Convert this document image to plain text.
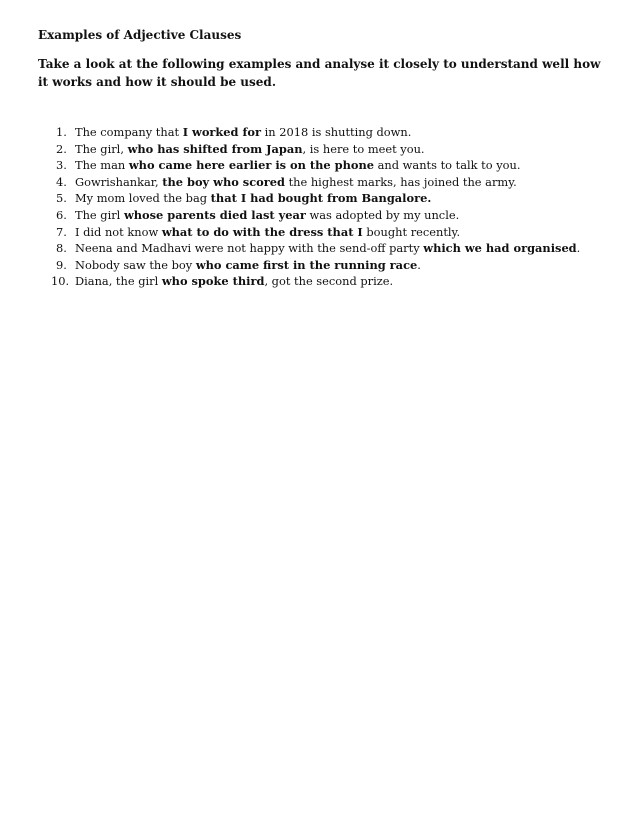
Examples of Adjective Clauses

Take a look at the following examples and analyse it closely to understand well how it works and how it should be used.

1. The company that I worked for in 2018 is shutting down.
2. The girl, who has shifted from Japan, is here to meet you.
3. The man who came here earlier is on the phone and wants to talk to you.
4. Gowrishankar, the boy who scored the highest marks, has joined the army.
5. My mom loved the bag that I had bought from Bangalore.
6. The girl whose parents died last year was adopted by my uncle.
7. I did not know what to do with the dress that I bought recently.
8. Neena and Madhavi were not happy with the send-off party which we had organised.
9. Nobody saw the boy who came first in the running race.
10. Diana, the girl who spoke third, got the second prize.
